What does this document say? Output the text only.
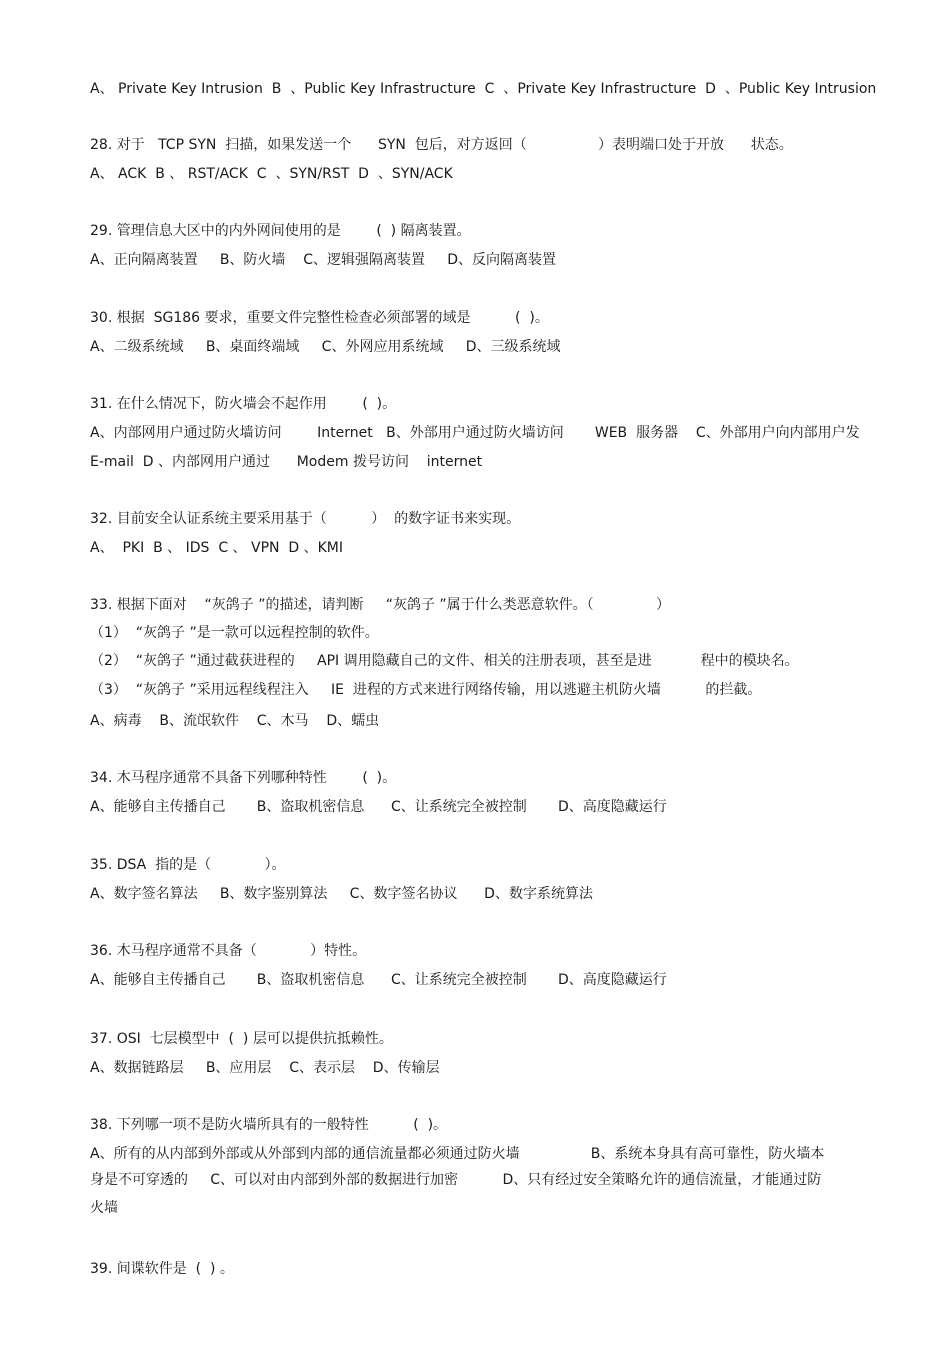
A、 Private Key Intrusion  B  、Public Key Infrastructure  C  、Private Key Infrastructure  D  、Public Key Intrusion
28. 对于   TCP SYN  扫描，如果发送一个      SYN  包后，对方返回（                ）表明端口处于开放      状态。
A、 ACK  B 、 RST/ACK  C  、SYN/RST  D  、SYN/ACK
29. 管理信息大区中的内外网间使用的是        (  ) 隔离装置。
A、正向隔离装置     B、防火墙    C、逻辑强隔离装置     D、反向隔离装置
30. 根据  SG186 要求，重要文件完整性检查必须部署的域是          (  )。
A、二级系统域     B、桌面终端域     C、外网应用系统域     D、三级系统域
31. 在什么情况下，防火墙会不起作用        (  )。
A、内部网用户通过防火墙访问        Internet   B、外部用户通过防火墙访问       WEB  服务器    C、外部用户向内部用户发
E-mail  D 、内部网用户通过      Modem 拨号访问    internet
32. 目前安全认证系统主要采用基于（          ）  的数字证书来实现。
A、  PKI  B 、 IDS  C 、 VPN  D 、KMI
33. 根据下面对    “灰鸽子 ”的描述，请判断     “灰鸽子 ”属于什么类恶意软件。（              ）
（1）  “灰鸽子 ”是一款可以远程控制的软件。
（2）  “灰鸽子 ”通过截获进程的     API 调用隐藏自己的文件、相关的注册表项，甚至是进           程中的模块名。
（3）  “灰鸽子 ”采用远程线程注入     IE  进程的方式来进行网络传输，用以逃避主机防火墙          的拦截。
A、病毒    B、流氓软件    C、木马    D、蠕虫
34. 木马程序通常不具备下列哪种特性        (  )。
A、能够自主传播自己       B、盗取机密信息      C、让系统完全被控制       D、高度隐藏运行
35. DSA  指的是（            ）。
A、数字签名算法     B、数字鉴别算法     C、数字签名协议      D、数字系统算法
36. 木马程序通常不具备（            ）特性。
A、能够自主传播自己       B、盗取机密信息      C、让系统完全被控制       D、高度隐藏运行
37. OSI  七层模型中  (  ) 层可以提供抗抵赖性。
A、数据链路层     B、应用层    C、表示层    D、传输层
38. 下列哪一项不是防火墙所具有的一般特性          (  )。
A、所有的从内部到外部或从外部到内部的通信流量都必须通过防火墙                B、系统本身具有高可靠性，防火墙本
身是不可穿透的     C、可以对由内部到外部的数据进行加密          D、只有经过安全策略允许的通信流量，才能通过防
火墙
39. 间谍软件是  (  ) 。
